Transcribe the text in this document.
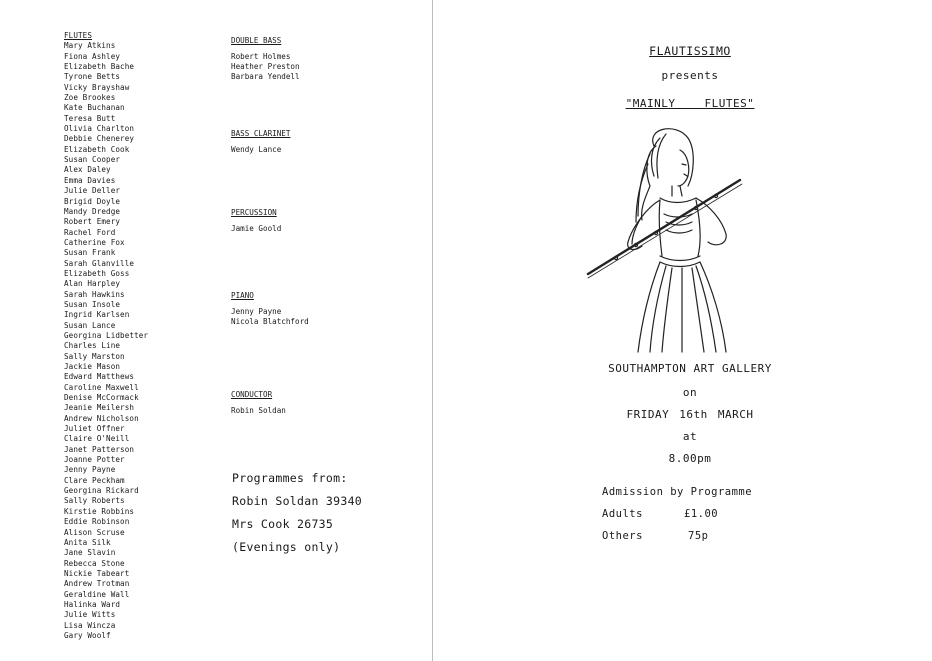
FLUTES
Mary Atkins
Fiona Ashley
Elizabeth Bache
Tyrone Betts
Vicky Brayshaw
Zoe Brookes
Kate Buchanan
Teresa Butt
Olivia Charlton
Debbie Chenerey
Elizabeth Cook
Susan Cooper
Alex Daley
Emma Davies
Julie Deller
Brigid Doyle
Mandy Dredge
Robert Emery
Rachel Ford
Catherine Fox
Susan Frank
Sarah Glanville
Elizabeth Goss
Alan Harpley
Sarah Hawkins
Susan Insole
Ingrid Karlsen
Susan Lance
Georgina Lidbetter
Charles Line
Sally Marston
Jackie Mason
Edward Matthews
Caroline Maxwell
Denise McCormack
Jeanie Meilersh
Andrew Nicholson
Juliet Offner
Claire O'Neill
Janet Patterson
Joanne Potter
Jenny Payne
Clare Peckham
Georgina Rickard
Sally Roberts
Kirstie Robbins
Eddie Robinson
Alison Scruse
Anita Silk
Jane Slavin
Rebecca Stone
Nickie Tabeart
Andrew Trotman
Geraldine Wall
Halinka Ward
Julie Witts
Lisa Wincza
Gary Woolf
DOUBLE BASS
Robert Holmes
Heather Preston
Barbara Yendell
BASS CLARINET
Wendy Lance
PERCUSSION
Jamie Goold
PIANO
Jenny Payne
Nicola Blatchford
CONDUCTOR
Robin Soldan
Programmes from:
Robin Soldan 39340
Mrs Cook 26735
(Evenings only)
FLAUTISSIMO
presents
"MAINLY FLUTES"
SOUTHAMPTON ART GALLERY
on
FRIDAY 16th MARCH
at
8.00pm
Admission by Programme
Adults	£1.00
Others	75p
